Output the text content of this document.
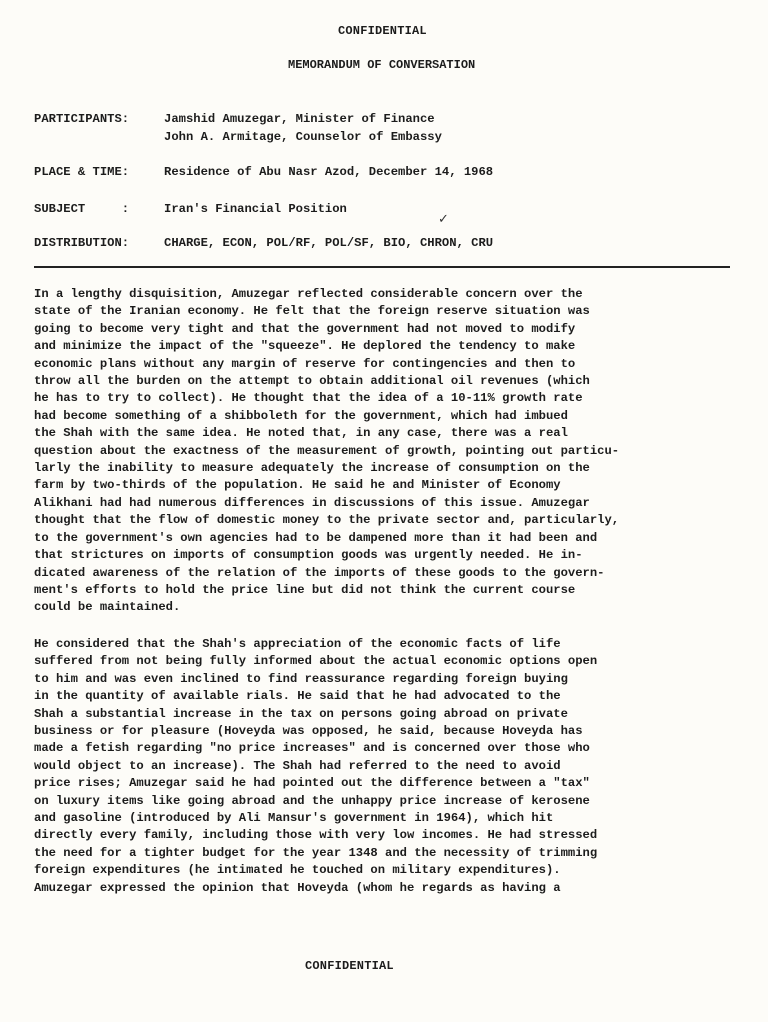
CONFIDENTIAL
MEMORANDUM OF CONVERSATION
PARTICIPANTS:	Jamshid Amuzegar, Minister of Finance
John A. Armitage, Counselor of Embassy
PLACE & TIME:	Residence of Abu Nasr Azod, December 14, 1968
SUBJECT     :	Iran's Financial Position
✓
DISTRIBUTION:	CHARGE, ECON, POL/RF, POL/SF, BIO, CHRON, CRU
In a lengthy disquisition, Amuzegar reflected considerable concern over the
state of the Iranian economy. He felt that the foreign reserve situation was
going to become very tight and that the government had not moved to modify
and minimize the impact of the "squeeze". He deplored the tendency to make
economic plans without any margin of reserve for contingencies and then to
throw all the burden on the attempt to obtain additional oil revenues (which
he has to try to collect). He thought that the idea of a 10-11% growth rate
had become something of a shibboleth for the government, which had imbued
the Shah with the same idea. He noted that, in any case, there was a real
question about the exactness of the measurement of growth, pointing out particu-
larly the inability to measure adequately the increase of consumption on the
farm by two-thirds of the population. He said he and Minister of Economy
Alikhani had had numerous differences in discussions of this issue. Amuzegar
thought that the flow of domestic money to the private sector and, particularly,
to the government's own agencies had to be dampened more than it had been and
that strictures on imports of consumption goods was urgently needed. He in-
dicated awareness of the relation of the imports of these goods to the govern-
ment's efforts to hold the price line but did not think the current course
could be maintained.
He considered that the Shah's appreciation of the economic facts of life
suffered from not being fully informed about the actual economic options open
to him and was even inclined to find reassurance regarding foreign buying
in the quantity of available rials. He said that he had advocated to the
Shah a substantial increase in the tax on persons going abroad on private
business or for pleasure (Hoveyda was opposed, he said, because Hoveyda has
made a fetish regarding "no price increases" and is concerned over those who
would object to an increase). The Shah had referred to the need to avoid
price rises; Amuzegar said he had pointed out the difference between a "tax"
on luxury items like going abroad and the unhappy price increase of kerosene
and gasoline (introduced by Ali Mansur's government in 1964), which hit
directly every family, including those with very low incomes. He had stressed
the need for a tighter budget for the year 1348 and the necessity of trimming
foreign expenditures (he intimated he touched on military expenditures).
Amuzegar expressed the opinion that Hoveyda (whom he regards as having a
CONFIDENTIAL
